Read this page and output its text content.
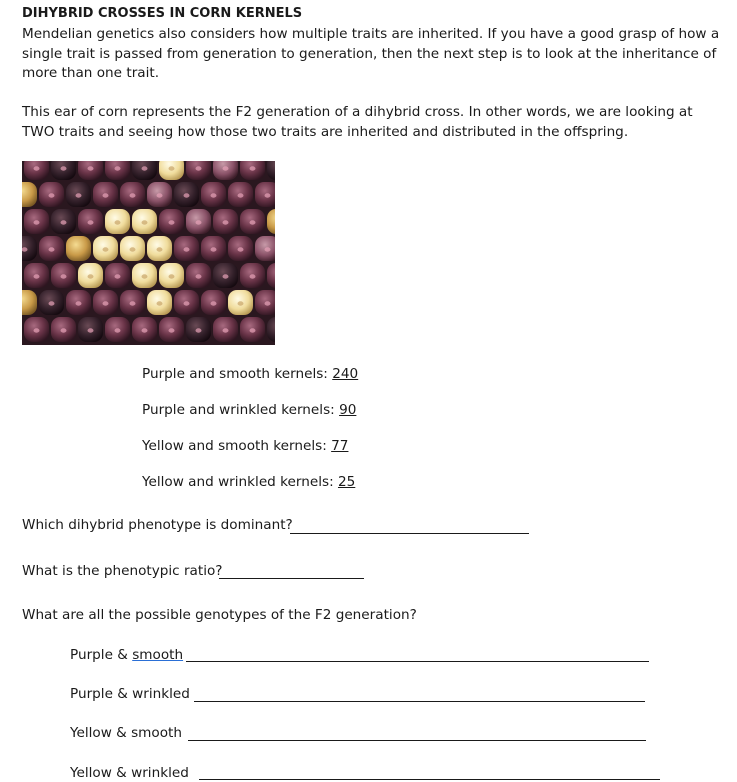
DIHYBRID CROSSES IN CORN KERNELS
Mendelian genetics also considers how multiple traits are inherited. If you have a good grasp of how a
single trait is passed from generation to generation, then the next step is to look at the inheritance of
more than one trait.
This ear of corn represents the F2 generation of a dihybrid cross. In other words, we are looking at
TWO traits and seeing how those two traits are inherited and distributed in the offspring.
Purple and smooth kernels: 240
Purple and wrinkled kernels: 90
Yellow and smooth kernels: 77
Yellow and wrinkled kernels: 25
Which dihybrid phenotype is dominant?
What is the phenotypic ratio?
What are all the possible genotypes of the F2 generation?
Purple & smooth
Purple & wrinkled
Yellow & smooth
Yellow & wrinkled
